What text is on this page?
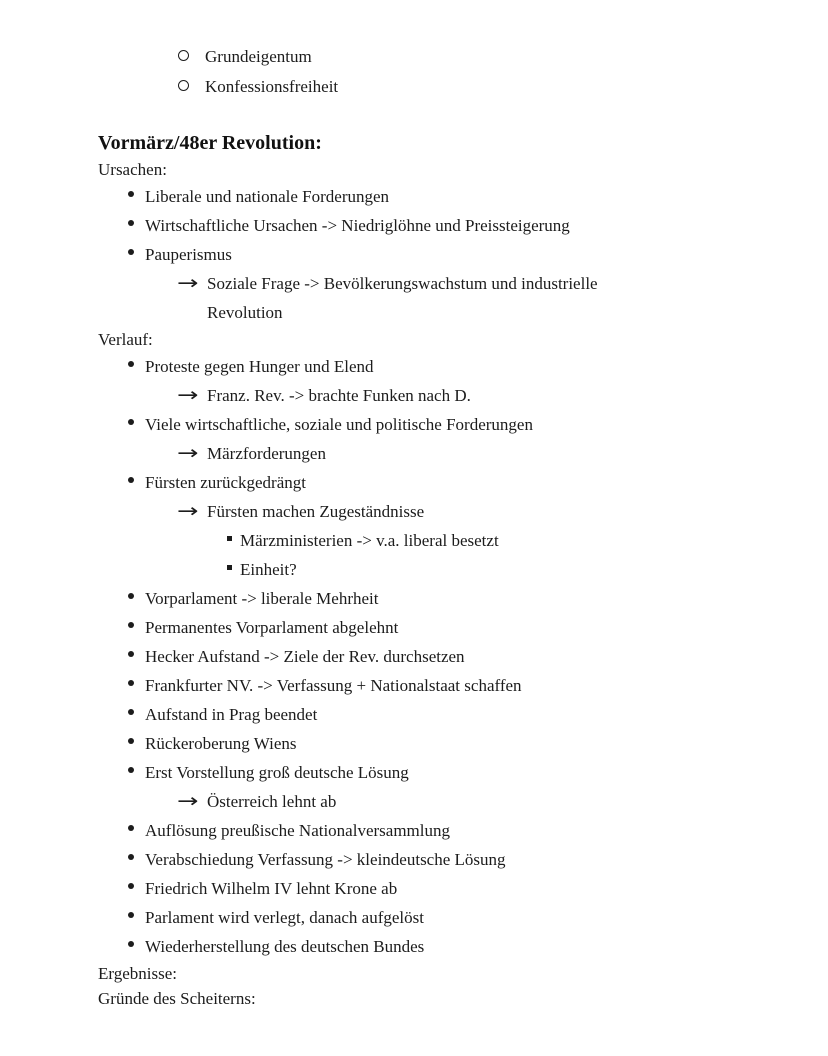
Grundeigentum
Konfessionsfreiheit
Vormärz/48er Revolution:
Ursachen:
Liberale und nationale Forderungen
Wirtschaftliche Ursachen -> Niedriglöhne und Preissteigerung
Pauperismus
→
Soziale Frage -> Bevölkerungswachstum und industrielle
Revolution
Verlauf:
Proteste gegen Hunger und Elend
→
Franz. Rev. -> brachte Funken nach D.
Viele wirtschaftliche, soziale und politische Forderungen
→
Märzforderungen
Fürsten zurückgedrängt
→
Fürsten machen Zugeständnisse
Märzministerien -> v.a. liberal besetzt
Einheit?
Vorparlament -> liberale Mehrheit
Permanentes Vorparlament abgelehnt
Hecker Aufstand -> Ziele der Rev. durchsetzen
Frankfurter NV. -> Verfassung + Nationalstaat schaffen
Aufstand in Prag beendet
Rückeroberung Wiens
Erst Vorstellung groß deutsche Lösung
→
Österreich lehnt ab
Auflösung preußische Nationalversammlung
Verabschiedung Verfassung -> kleindeutsche Lösung
Friedrich Wilhelm IV lehnt Krone ab
Parlament wird verlegt, danach aufgelöst
Wiederherstellung des deutschen Bundes
Ergebnisse:
Gründe des Scheiterns:
